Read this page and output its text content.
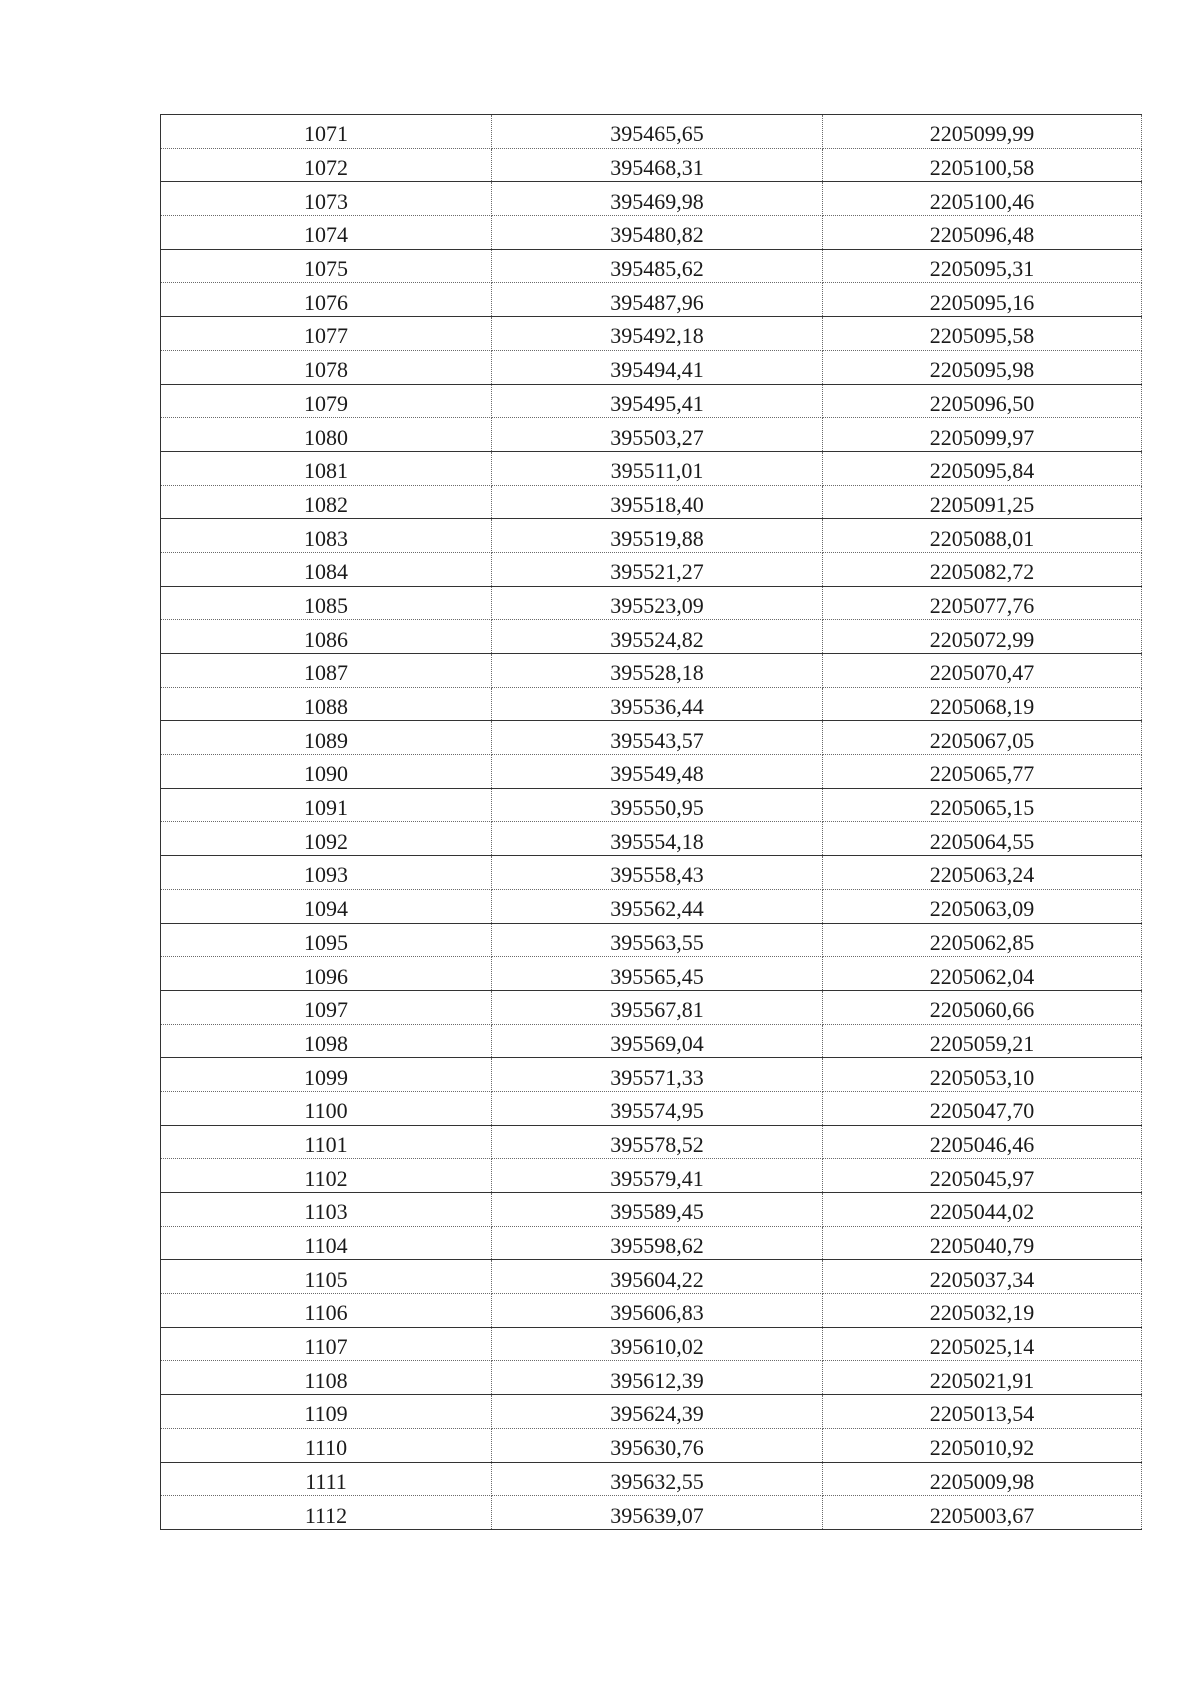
1071	395465,65	2205099,99
1072	395468,31	2205100,58
1073	395469,98	2205100,46
1074	395480,82	2205096,48
1075	395485,62	2205095,31
1076	395487,96	2205095,16
1077	395492,18	2205095,58
1078	395494,41	2205095,98
1079	395495,41	2205096,50
1080	395503,27	2205099,97
1081	395511,01	2205095,84
1082	395518,40	2205091,25
1083	395519,88	2205088,01
1084	395521,27	2205082,72
1085	395523,09	2205077,76
1086	395524,82	2205072,99
1087	395528,18	2205070,47
1088	395536,44	2205068,19
1089	395543,57	2205067,05
1090	395549,48	2205065,77
1091	395550,95	2205065,15
1092	395554,18	2205064,55
1093	395558,43	2205063,24
1094	395562,44	2205063,09
1095	395563,55	2205062,85
1096	395565,45	2205062,04
1097	395567,81	2205060,66
1098	395569,04	2205059,21
1099	395571,33	2205053,10
1100	395574,95	2205047,70
1101	395578,52	2205046,46
1102	395579,41	2205045,97
1103	395589,45	2205044,02
1104	395598,62	2205040,79
1105	395604,22	2205037,34
1106	395606,83	2205032,19
1107	395610,02	2205025,14
1108	395612,39	2205021,91
1109	395624,39	2205013,54
1110	395630,76	2205010,92
1111	395632,55	2205009,98
1112	395639,07	2205003,67
